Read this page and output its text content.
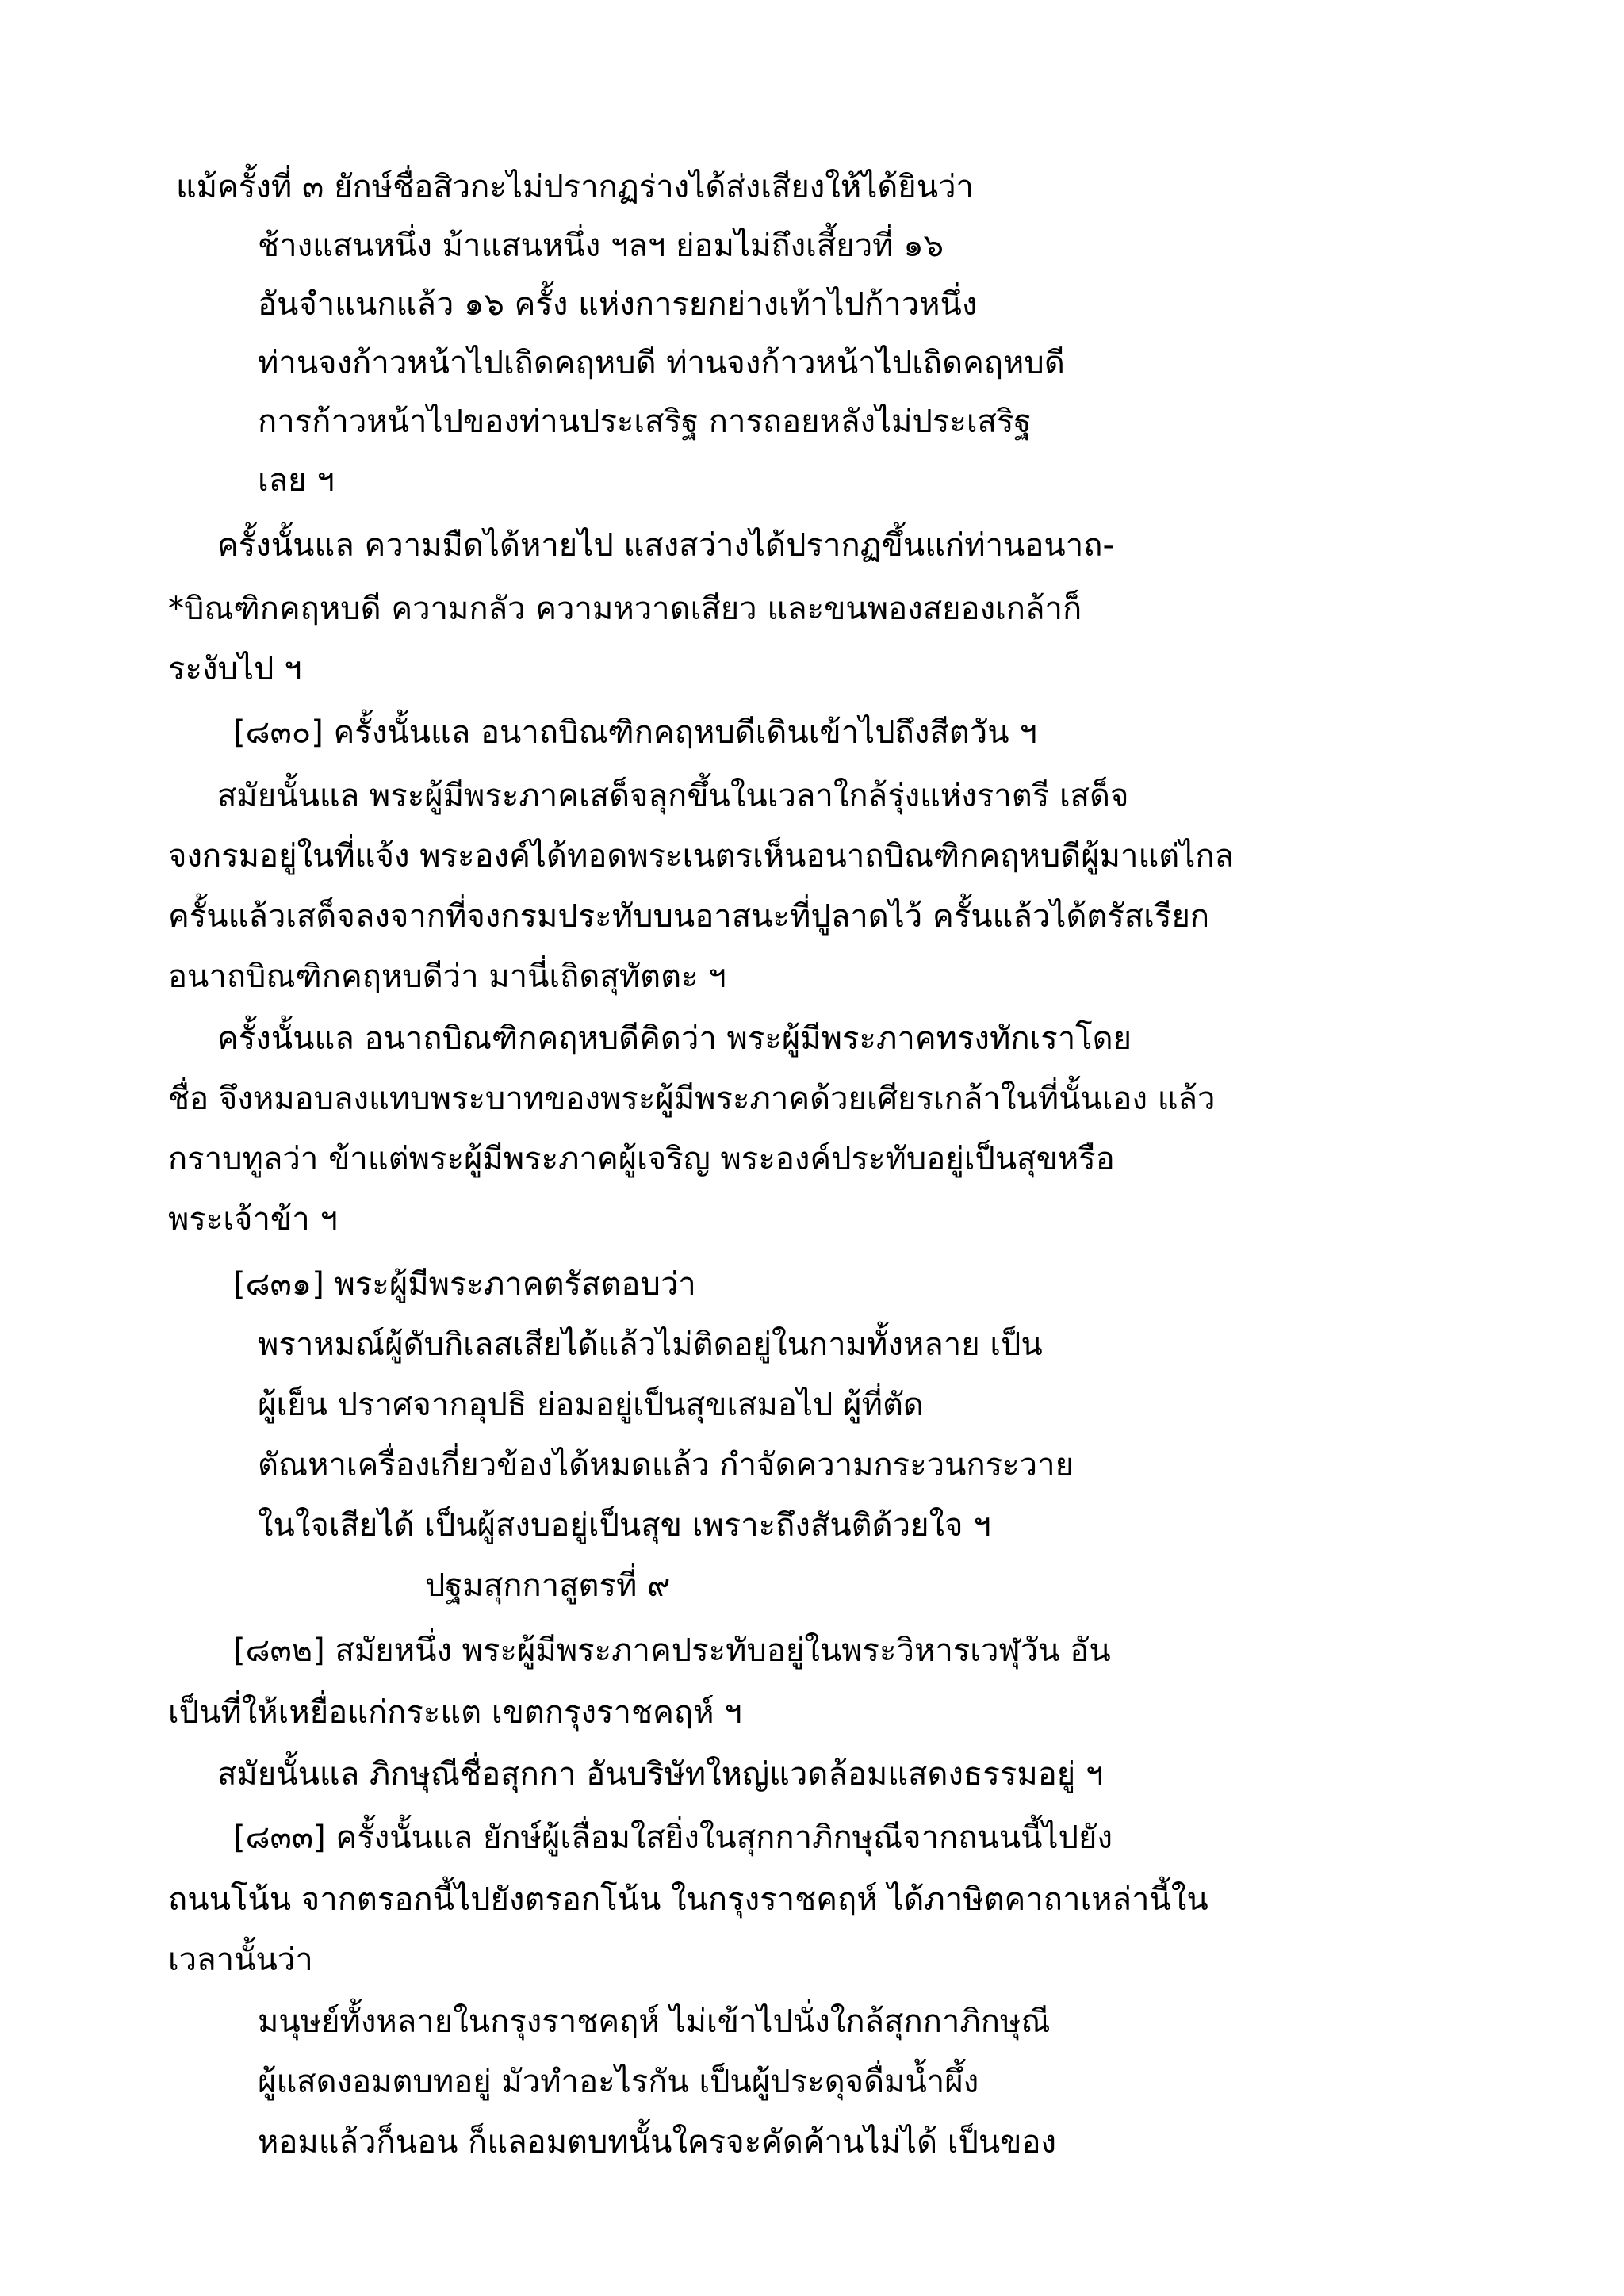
แม้ครั้งที่ ๓ ยักษ์ชื่อสิวกะไม่ปรากฏร่างได้ส่งเสียงให้ได้ยินว่า
ช้างแสนหนึ่ง ม้าแสนหนึ่ง ฯลฯ ย่อมไม่ถึงเสี้ยวที่ ๑๖
อันจำแนกแล้ว ๑๖ ครั้ง แห่งการยกย่างเท้าไปก้าวหนึ่ง
ท่านจงก้าวหน้าไปเถิดคฤหบดี ท่านจงก้าวหน้าไปเถิดคฤหบดี
การก้าวหน้าไปของท่านประเสริฐ การถอยหลังไม่ประเสริฐ
เลย ฯ
ครั้งนั้นแล ความมืดได้หายไป แสงสว่างได้ปรากฏขึ้นแก่ท่านอนาถ-
*บิณฑิกคฤหบดี ความกลัว ความหวาดเสียว และขนพองสยองเกล้าก็
ระงับไป ฯ
[๘๓๐] ครั้งนั้นแล อนาถบิณฑิกคฤหบดีเดินเข้าไปถึงสีตวัน ฯ
สมัยนั้นแล พระผู้มีพระภาคเสด็จลุกขึ้นในเวลาใกล้รุ่งแห่งราตรี เสด็จ
จงกรมอยู่ในที่แจ้ง พระองค์ได้ทอดพระเนตรเห็นอนาถบิณฑิกคฤหบดีผู้มาแต่ไกล
ครั้นแล้วเสด็จลงจากที่จงกรมประทับบนอาสนะที่ปูลาดไว้ ครั้นแล้วได้ตรัสเรียก
อนาถบิณฑิกคฤหบดีว่า มานี่เถิดสุทัตตะ ฯ
ครั้งนั้นแล อนาถบิณฑิกคฤหบดีคิดว่า พระผู้มีพระภาคทรงทักเราโดย
ชื่อ จึงหมอบลงแทบพระบาทของพระผู้มีพระภาคด้วยเศียรเกล้าในที่นั้นเอง แล้ว
กราบทูลว่า ข้าแต่พระผู้มีพระภาคผู้เจริญ พระองค์ประทับอยู่เป็นสุขหรือ
พระเจ้าข้า ฯ
[๘๓๑] พระผู้มีพระภาคตรัสตอบว่า
พราหมณ์ผู้ดับกิเลสเสียได้แล้วไม่ติดอยู่ในกามทั้งหลาย เป็น
ผู้เย็น ปราศจากอุปธิ ย่อมอยู่เป็นสุขเสมอไป ผู้ที่ตัด
ตัณหาเครื่องเกี่ยวข้องได้หมดแล้ว กำจัดความกระวนกระวาย
ในใจเสียได้ เป็นผู้สงบอยู่เป็นสุข เพราะถึงสันติด้วยใจ ฯ
ปฐมสุกกาสูตรที่ ๙
[๘๓๒] สมัยหนึ่ง พระผู้มีพระภาคประทับอยู่ในพระวิหารเวฬุวัน อัน
เป็นที่ให้เหยื่อแก่กระแต เขตกรุงราชคฤห์ ฯ
สมัยนั้นแล ภิกษุณีชื่อสุกกา อันบริษัทใหญ่แวดล้อมแสดงธรรมอยู่ ฯ
[๘๓๓] ครั้งนั้นแล ยักษ์ผู้เลื่อมใสยิ่งในสุกกาภิกษุณีจากถนนนี้ไปยัง
ถนนโน้น จากตรอกนี้ไปยังตรอกโน้น ในกรุงราชคฤห์ ได้ภาษิตคาถาเหล่านี้ใน
เวลานั้นว่า
มนุษย์ทั้งหลายในกรุงราชคฤห์ ไม่เข้าไปนั่งใกล้สุกกาภิกษุณี
ผู้แสดงอมตบทอยู่ มัวทำอะไรกัน เป็นผู้ประดุจดื่มน้ำผึ้ง
หอมแล้วก็นอน ก็แลอมตบทนั้นใครจะคัดค้านไม่ได้ เป็นของ
